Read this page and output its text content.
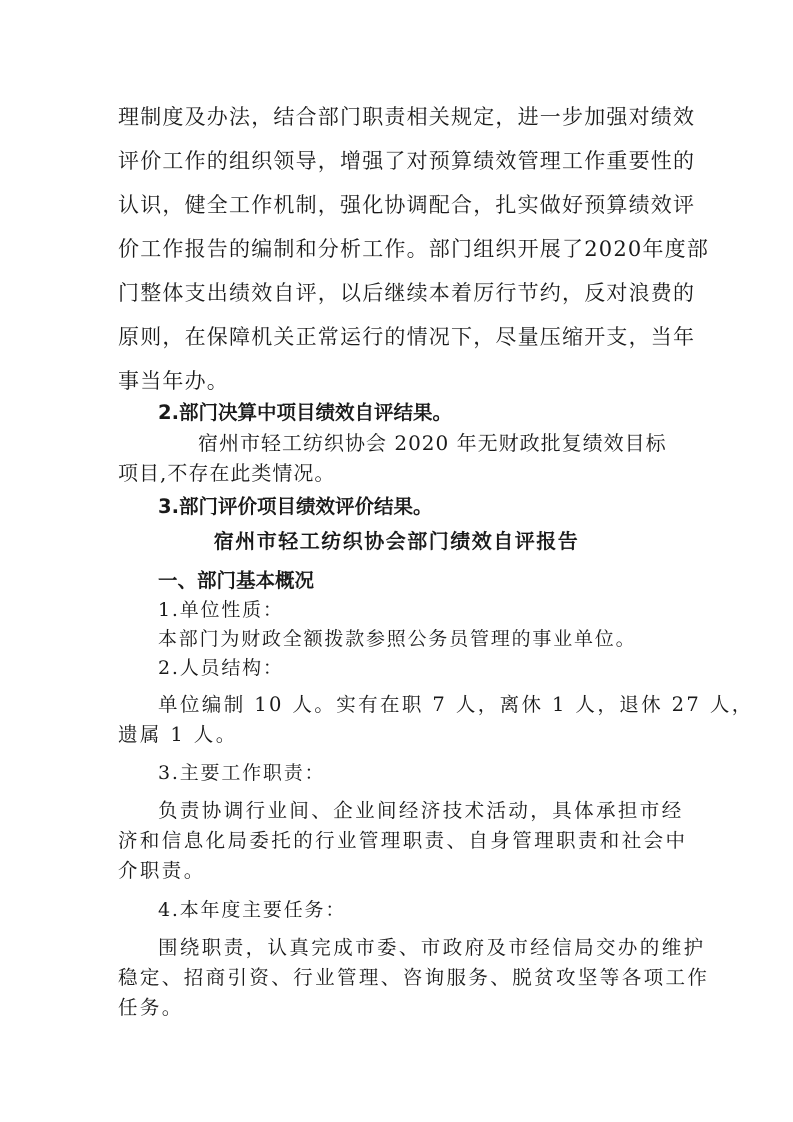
理制度及办法，结合部门职责相关规定，进一步加强对绩效
评价工作的组织领导，增强了对预算绩效管理工作重要性的
认识，健全工作机制，强化协调配合，扎实做好预算绩效评
价工作报告的编制和分析工作。部门组织开展了2020年度部
门整体支出绩效自评，以后继续本着厉行节约，反对浪费的
原则，在保障机关正常运行的情况下，尽量压缩开支，当年
事当年办。
2.部门决算中项目绩效自评结果。
宿州市轻工纺织协会 2020 年无财政批复绩效目标
项目,不存在此类情况。
3.部门评价项目绩效评价结果。
宿州市轻工纺织协会部门绩效自评报告
一、部门基本概况
1.单位性质：
本部门为财政全额拨款参照公务员管理的事业单位。
2.人员结构：
单位编制 10 人。实有在职 7 人，离休 1 人，退休 27 人，
遗属 1 人。
3.主要工作职责：
负责协调行业间、企业间经济技术活动，具体承担市经
济和信息化局委托的行业管理职责、自身管理职责和社会中
介职责。
4.本年度主要任务：
围绕职责，认真完成市委、市政府及市经信局交办的维护
稳定、招商引资、行业管理、咨询服务、脱贫攻坚等各项工作
任务。
